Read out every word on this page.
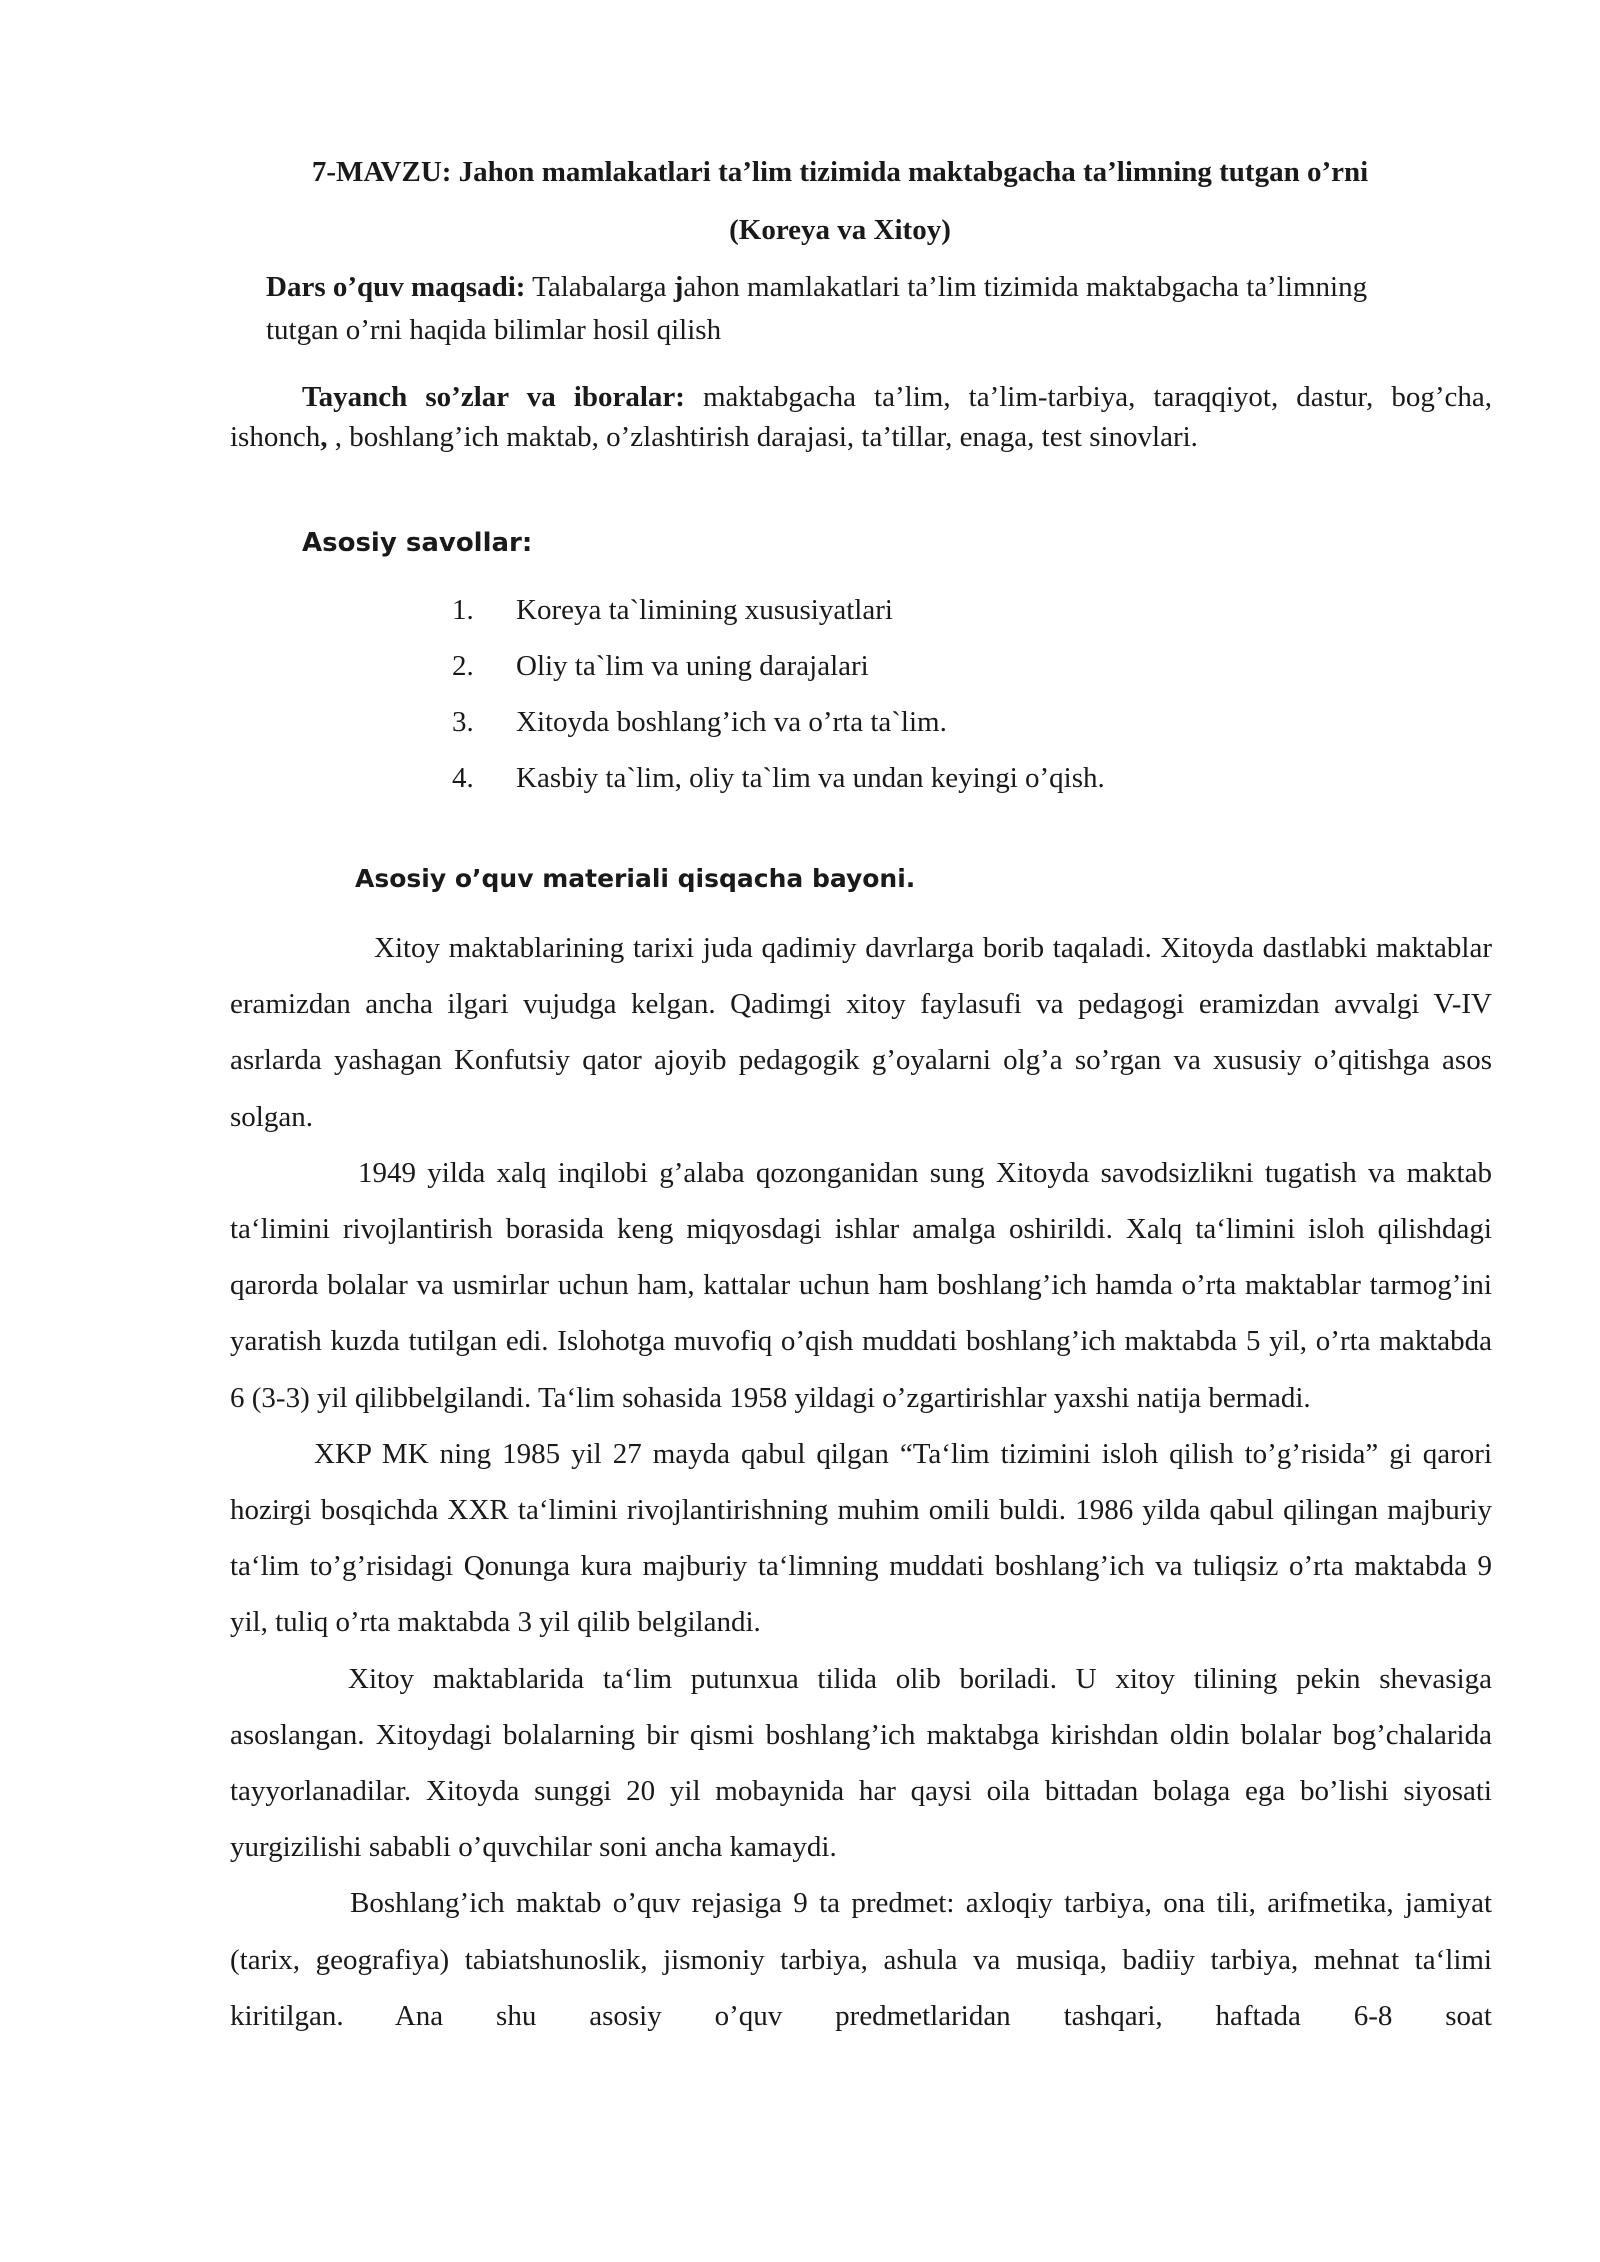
7-MAVZU: Jahon mamlakatlari ta’lim tizimida maktabgacha ta’limning tutgan o’rni
(Koreya va Xitoy)
Dars o’quv maqsadi: Talabalarga jahon mamlakatlari ta’lim tizimida maktabgacha ta’limning tutgan o’rni haqida bilimlar hosil qilish
Tayanch so’zlar va iboralar: maktabgacha ta’lim, ta’lim-tarbiya, taraqqiyot, dastur, bog’cha, ishonch, , boshlang’ich maktab, o’zlashtirish darajasi, ta’tillar, enaga, test sinovlari.
Asosiy savollar:
1. Koreya ta`limining xususiyatlari
2. Oliy ta`lim va uning darajalari
3. Xitoyda boshlang’ich va o’rta ta`lim.
4. Kasbiy ta`lim, oliy ta`lim va undan keyingi o’qish.
Asosiy o’quv materiali qisqacha bayoni.

Xitoy maktablarining tarixi juda qadimiy davrlarga borib taqaladi. Xitoyda dastlabki maktablar eramizdan ancha ilgari vujudga kelgan. Qadimgi xitoy faylasufi va pedagogi eramizdan avvalgi V-IV asrlarda yashagan Konfutsiy qator ajoyib pedagogik g’oyalarni olg’a so’rgan va xususiy o’qitishga asos solgan.

1949 yilda xalq inqilobi g’alaba qozonganidan sung Xitoyda savodsizlikni tugatish va maktab ta‘limini rivojlantirish borasida keng miqyosdagi ishlar amalga oshirildi. Xalq ta‘limini isloh qilishdagi qarorda bolalar va usmirlar uchun ham, kattalar uchun ham boshlang’ich hamda o’rta maktablar tarmog’ini yaratish kuzda tutilgan edi. Islohotga muvofiq o’qish muddati boshlang’ich maktabda 5 yil, o’rta maktabda 6 (3-3) yil qilibbelgilandi. Ta‘lim sohasida 1958 yildagi o’zgartirishlar yaxshi natija bermadi.

XKP MK ning 1985 yil 27 mayda qabul qilgan “Ta‘lim tizimini isloh qilish to’g’risida” gi qarori hozirgi bosqichda XXR ta‘limini rivojlantirishning muhim omili buldi. 1986 yilda qabul qilingan majburiy ta‘lim to’g’risidagi Qonunga kura majburiy ta‘limning muddati boshlang’ich va tuliqsiz o’rta maktabda 9 yil, tuliq o’rta maktabda 3 yil qilib belgilandi.

Xitoy maktablarida ta‘lim putunxua tilida olib boriladi. U xitoy tilining pekin shevasiga asoslangan. Xitoydagi bolalarning bir qismi boshlang’ich maktabga kirishdan oldin bolalar bog’chalarida tayyorlanadilar. Xitoyda sunggi 20 yil mobaynida har qaysi oila bittadan bolaga ega bo’lishi siyosati yurgizilishi sababli o’quvchilar soni ancha kamaydi.

Boshlang’ich maktab o’quv rejasiga 9 ta predmet: axloqiy tarbiya, ona tili, arifmetika, jamiyat (tarix, geografiya) tabiatshunoslik, jismoniy tarbiya, ashula va musiqa, badiiy tarbiya, mehnat ta‘limi kiritilgan. Ana shu asosiy o’quv predmetlaridan tashqari, haftada 6-8 soat
